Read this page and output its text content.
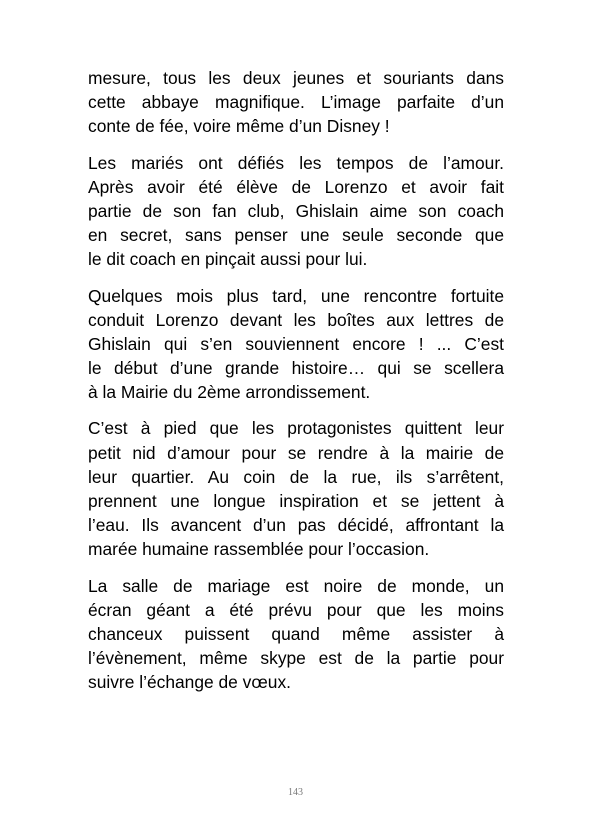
mesure, tous les deux jeunes et souriants dans
cette abbaye magnifique. L’image parfaite d’un
conte de fée, voire même d’un Disney !

Les mariés ont défiés les tempos de l’amour.
Après avoir été élève de Lorenzo et avoir fait
partie de son fan club, Ghislain aime son coach
en secret, sans penser une seule seconde que
le dit coach en pinçait aussi pour lui.

Quelques mois plus tard, une rencontre fortuite
conduit Lorenzo devant les boîtes aux lettres de
Ghislain qui s’en souviennent encore ! ... C’est
le début d’une grande histoire… qui se scellera
à la Mairie du 2ème arrondissement.

C’est à pied que les protagonistes quittent leur
petit nid d’amour pour se rendre à la mairie de
leur quartier. Au coin de la rue, ils s’arrêtent,
prennent une longue inspiration et se jettent à
l’eau. Ils avancent d’un pas décidé, affrontant la
marée humaine rassemblée pour l’occasion.

La salle de mariage est noire de monde, un
écran géant a été prévu pour que les moins
chanceux puissent quand même assister à
l’évènement, même skype est de la partie pour
suivre l’échange de vœux.

143
